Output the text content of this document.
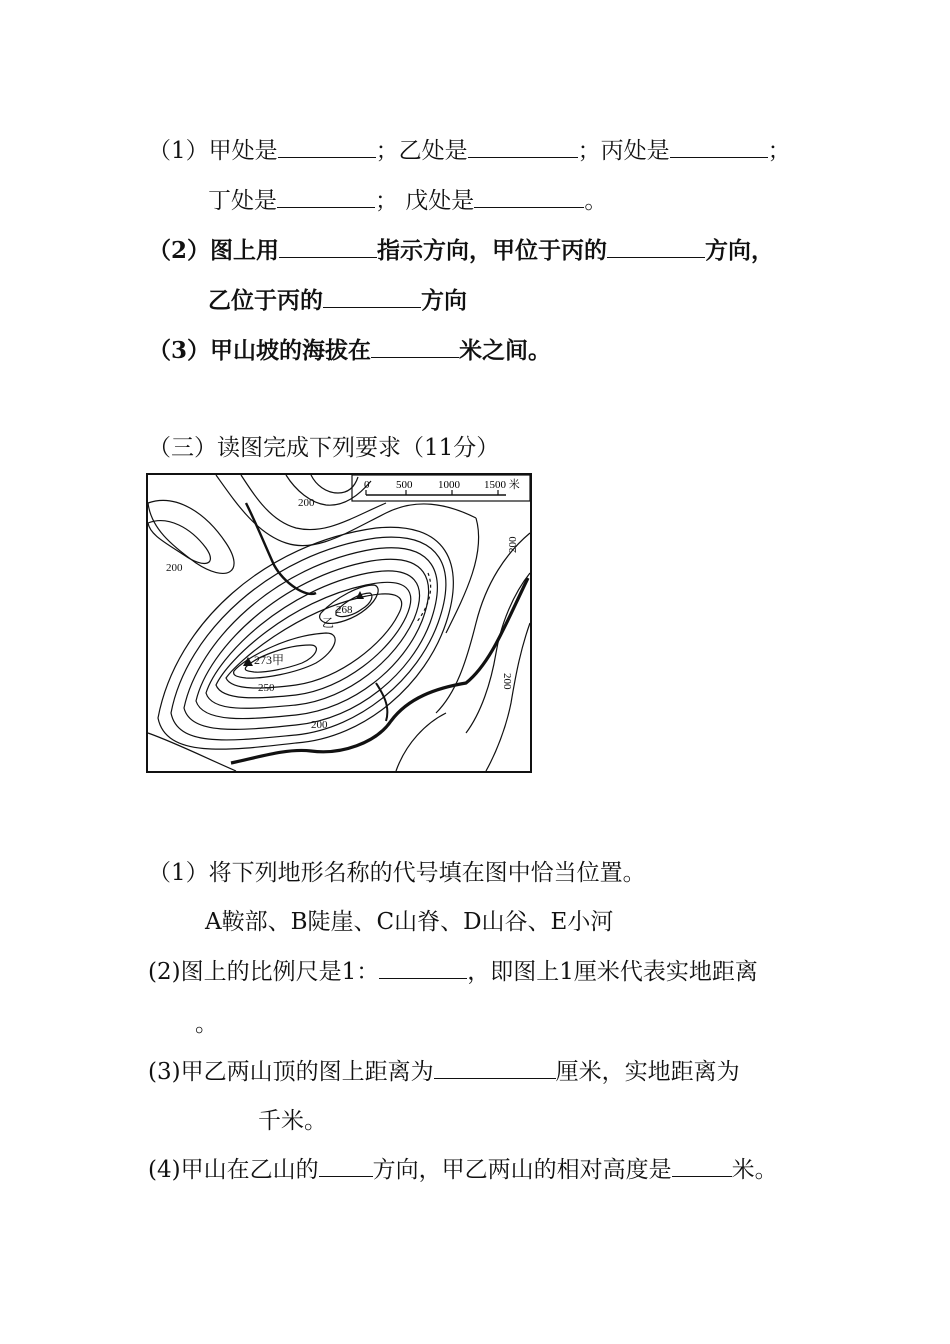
（1）甲处是	；乙处是	；丙处是	；
丁处是	； 戊处是	。
（2）图上用	指示方向，甲位于丙的	方向，
乙位于丙的	方向
（3）甲山坡的海拔在	米之间。
（三）读图完成下列要求（11分）
0 500 1000 1500 米
200
200
200
200
250
200
273甲
268
乙
（1）将下列地形名称的代号填在图中恰当位置。
A鞍部、B陡崖、C山脊、D山谷、E小河
(2)图上的比例尺是1：	，即图上1厘米代表实地距离
。
(3)甲乙两山顶的图上距离为	厘米，实地距离为
千米。
(4)甲山在乙山的 方向，甲乙两山的相对高度是	米。
